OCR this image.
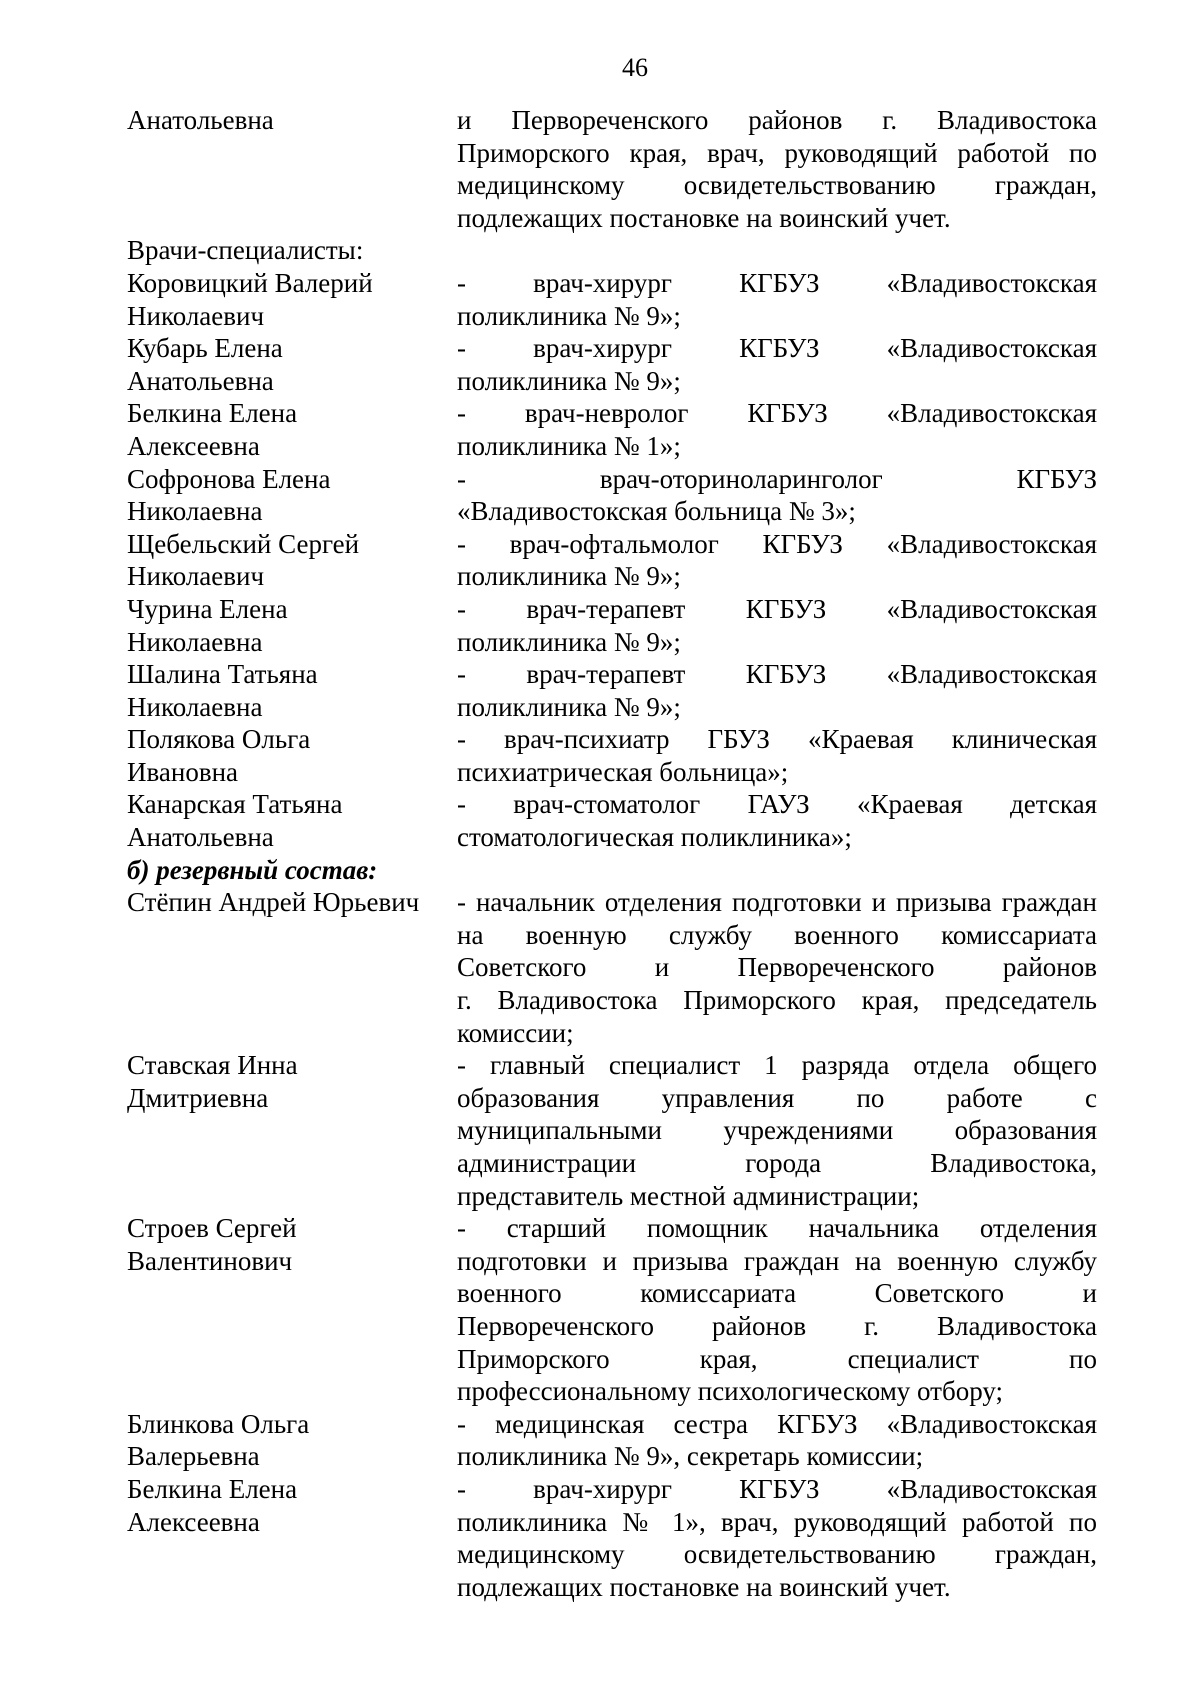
46
Анатольевна	и Первореченского районов г. Владивостока
Приморского края, врач, руководящий работой по
медицинскому освидетельствованию граждан,
подлежащих постановке на воинский учет.
Врачи-специалисты:
Коровицкий Валерий
Николаевич
- врач-хирург КГБУЗ «Владивостокская
поликлиника № 9»;
Кубарь Елена
Анатольевна
- врач-хирург КГБУЗ «Владивостокская
поликлиника № 9»;
Белкина Елена
Алексеевна
- врач-невролог КГБУЗ «Владивостокская
поликлиника № 1»;
Софронова Елена
Николаевна
- врач-оториноларинголог КГБУЗ
«Владивостокская больница № 3»;
Щебельский Сергей
Николаевич
- врач-офтальмолог КГБУЗ «Владивостокская
поликлиника № 9»;
Чурина Елена
Николаевна
- врач-терапевт КГБУЗ «Владивостокская
поликлиника № 9»;
Шалина Татьяна
Николаевна
- врач-терапевт КГБУЗ «Владивостокская
поликлиника № 9»;
Полякова Ольга
Ивановна
- врач-психиатр ГБУЗ «Краевая клиническая
психиатрическая больница»;
Канарская Татьяна
Анатольевна
- врач-стоматолог ГАУЗ «Краевая детская
стоматологическая поликлиника»;
б) резервный состав:
Стёпин Андрей Юрьевич	- начальник отделения подготовки и призыва граждан
на военную службу военного комиссариата
Советского и Первореченского районов
г. Владивостока Приморского края, председатель
комиссии;
Ставская Инна
Дмитриевна
- главный специалист 1 разряда отдела общего
образования управления по работе с
муниципальными учреждениями образования
администрации города Владивостока,
представитель местной администрации;
Строев Сергей
Валентинович
- старший помощник начальника отделения
подготовки и призыва граждан на военную службу
военного комиссариата Советского и
Первореченского районов г. Владивостока
Приморского края, специалист по
профессиональному психологическому отбору;
Блинкова Ольга
Валерьевна
- медицинская сестра КГБУЗ «Владивостокская
поликлиника № 9», секретарь комиссии;
Белкина Елена
Алексеевна
- врач-хирург КГБУЗ «Владивостокская
поликлиника № 1», врач, руководящий работой по
медицинскому освидетельствованию граждан,
подлежащих постановке на воинский учет.
